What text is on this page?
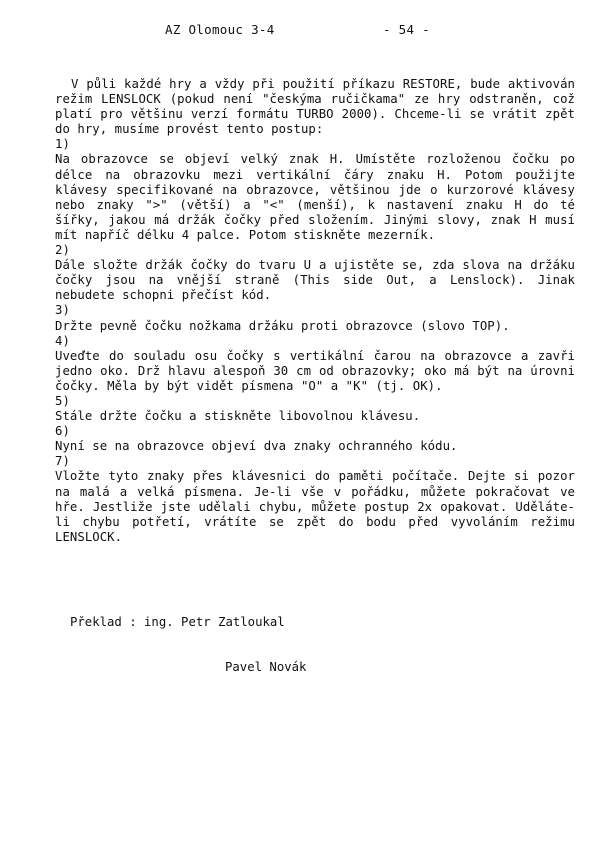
AZ Olomouc 3-4	- 54 -

V půli každé hry a vždy při použití příkazu RESTORE, bude aktivován režim LENSLOCK (pokud není "českýma ručičkama" ze hry odstraněn, což platí pro většinu verzí formátu TURBO 2000). Chceme-li se vrátit zpět do hry, musíme provést tento postup:

1)

Na obrazovce se objeví velký znak H. Umístěte rozloženou čočku po délce na obrazovku mezi vertikální čáry znaku H. Potom použijte klávesy specifikované na obrazovce, většinou jde o kurzorové klávesy nebo znaky ">" (větší) a "<" (menší), k nastavení znaku H do té šířky, jakou má držák čočky před složením. Jinými slovy, znak H musí mít napříč délku 4 palce. Potom stiskněte mezerník.

2)

Dále složte držák čočky do tvaru U a ujistěte se, zda slova na držáku čočky jsou na vnější straně (This side Out, a Lenslock). Jinak nebudete schopni přečíst kód.

3)

Držte pevně čočku nožkama držáku proti obrazovce (slovo TOP).

4)

Uveďte do souladu osu čočky s vertikální čarou na obrazovce a zavři jedno oko. Drž hlavu alespoň 30 cm od obrazovky; oko má být na úrovni čočky. Měla by být vidět písmena "O" a "K" (tj. OK).

5)

Stále držte čočku a stiskněte libovolnou klávesu.

6)

Nyní se na obrazovce objeví dva znaky ochranného kódu.

7)

Vložte tyto znaky přes klávesnici do paměti počítače. Dejte si pozor na malá a velká písmena. Je-li vše v pořádku, můžete pokračovat ve hře. Jestliže jste udělali chybu, můžete postup 2x opakovat. Uděláte-li chybu potřetí, vrátíte se zpět do bodu před vyvoláním režimu LENSLOCK.

Překlad : ing. Petr Zatloukal

Pavel Novák
